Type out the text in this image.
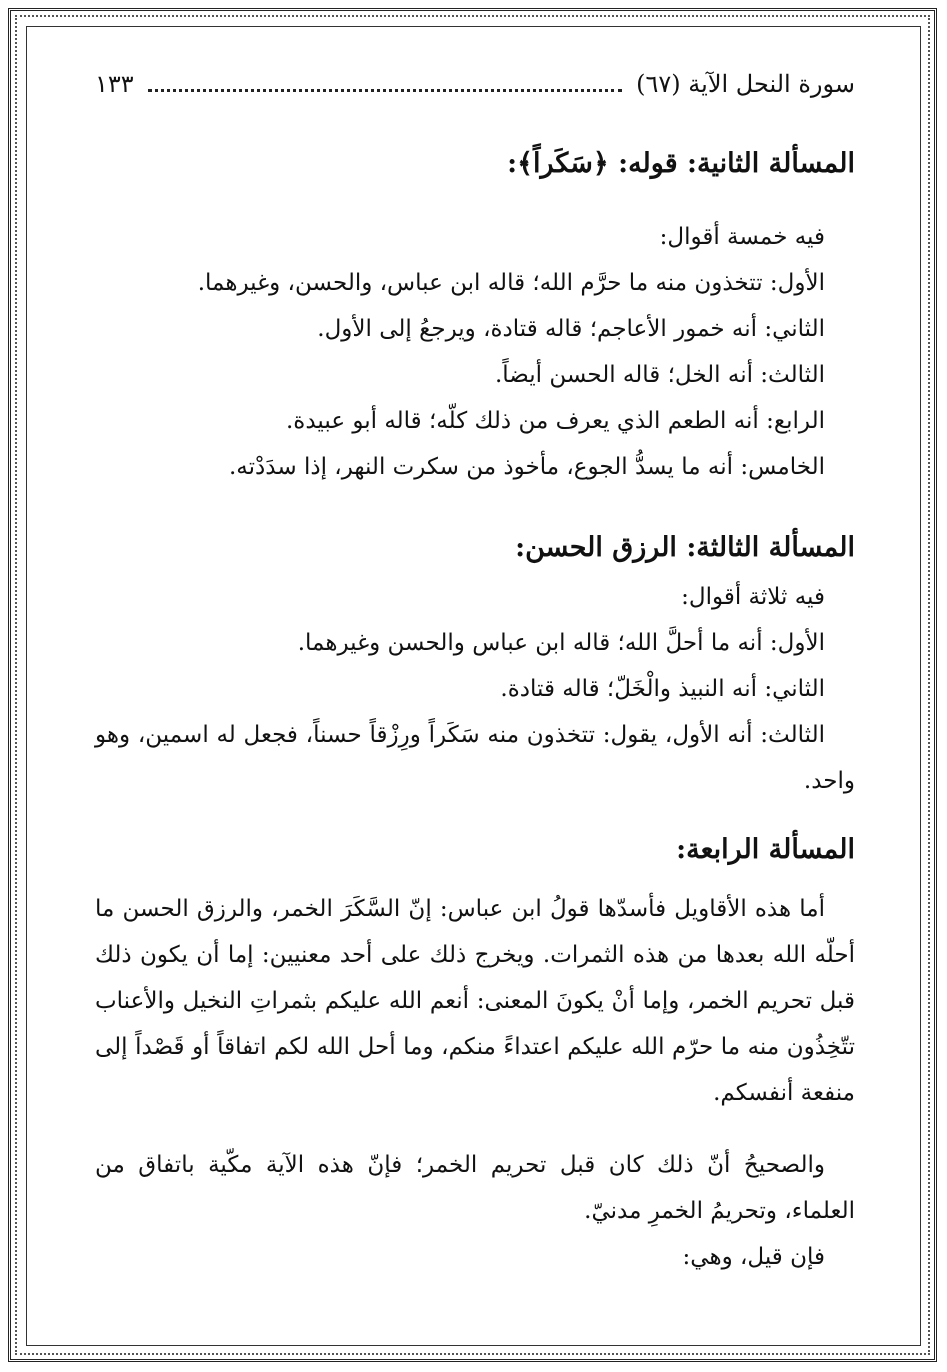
سورة النحل الآية (٦٧)
١٣٣
المسألة الثانية: قوله: ﴿سَكَراً﴾:

فيه خمسة أقوال:

الأول: تتخذون منه ما حرَّم الله؛ قاله ابن عباس، والحسن، وغيرهما.

الثاني: أنه خمور الأعاجم؛ قاله قتادة، ويرجعُ إلى الأول.

الثالث: أنه الخل؛ قاله الحسن أيضاً.

الرابع: أنه الطعم الذي يعرف من ذلك كلّه؛ قاله أبو عبيدة.

الخامس: أنه ما يسدُّ الجوع، مأخوذ من سكرت النهر، إذا سدَدْته.

المسألة الثالثة: الرزق الحسن:

فيه ثلاثة أقوال:

الأول: أنه ما أحلَّ الله؛ قاله ابن عباس والحسن وغيرهما.

الثاني: أنه النبيذ والْخَلّ؛ قاله قتادة.

الثالث: أنه الأول، يقول: تتخذون منه سَكَراً ورِزْقاً حسناً، فجعل له اسمين، وهو واحد.

المسألة الرابعة:

أما هذه الأقاويل فأسدّها قولُ ابن عباس: إنّ السَّكَرَ الخمر، والرزق الحسن ما أحلّه الله بعدها من هذه الثمرات. ويخرج ذلك على أحد معنيين: إما أن يكون ذلك قبل تحريم الخمر، وإما أنْ يكونَ المعنى: أنعم الله عليكم بثمراتِ النخيل والأعناب تتّخِذُون منه ما حرّم الله عليكم اعتداءً منكم، وما أحل الله لكم اتفاقاً أو قَصْداً إلى منفعة أنفسكم.

والصحيحُ أنّ ذلك كان قبل تحريم الخمر؛ فإنّ هذه الآية مكّية باتفاق من العلماء، وتحريمُ الخمرِ مدنيّ.

فإن قيل، وهي:
